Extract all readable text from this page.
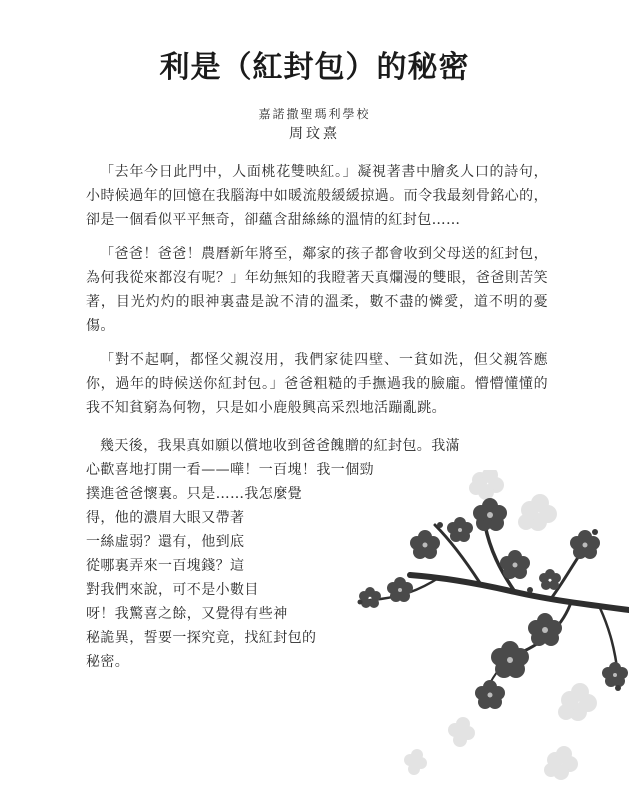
利是（紅封包）的秘密
嘉諾撒聖瑪利學校
周玟熹

「去年今日此門中，人面桃花雙映紅。」凝視著書中膾炙人口的詩句，小時候過年的回憶在我腦海中如暖流般緩緩掠過。而令我最刻骨銘心的，卻是一個看似平平無奇，卻蘊含甜絲絲的溫情的紅封包……

「爸爸！爸爸！農曆新年將至，鄰家的孩子都會收到父母送的紅封包，為何我從來都沒有呢？」年幼無知的我瞪著天真爛漫的雙眼，爸爸則苦笑著，目光灼灼的眼神裏盡是說不清的溫柔，數不盡的憐愛，道不明的憂傷。

「對不起啊，都怪父親沒用，我們家徒四壁、一貧如洗，但父親答應你，過年的時候送你紅封包。」爸爸粗糙的手撫過我的臉龐。懵懵懂懂的我不知貧窮為何物，只是如小鹿般興高采烈地活蹦亂跳。

幾天後，我果真如願以償地收到爸爸餽贈的紅封包。我滿
心歡喜地打開一看——嘩！一百塊！我一個勁
撲進爸爸懷裏。只是……我怎麼覺
得，他的濃眉大眼又帶著
一絲虛弱？還有，他到底
從哪裏弄來一百塊錢？這
對我們來說，可不是小數目
呀！我驚喜之餘，又覺得有些神
秘詭異，誓要一探究竟，找紅封包的
秘密。
